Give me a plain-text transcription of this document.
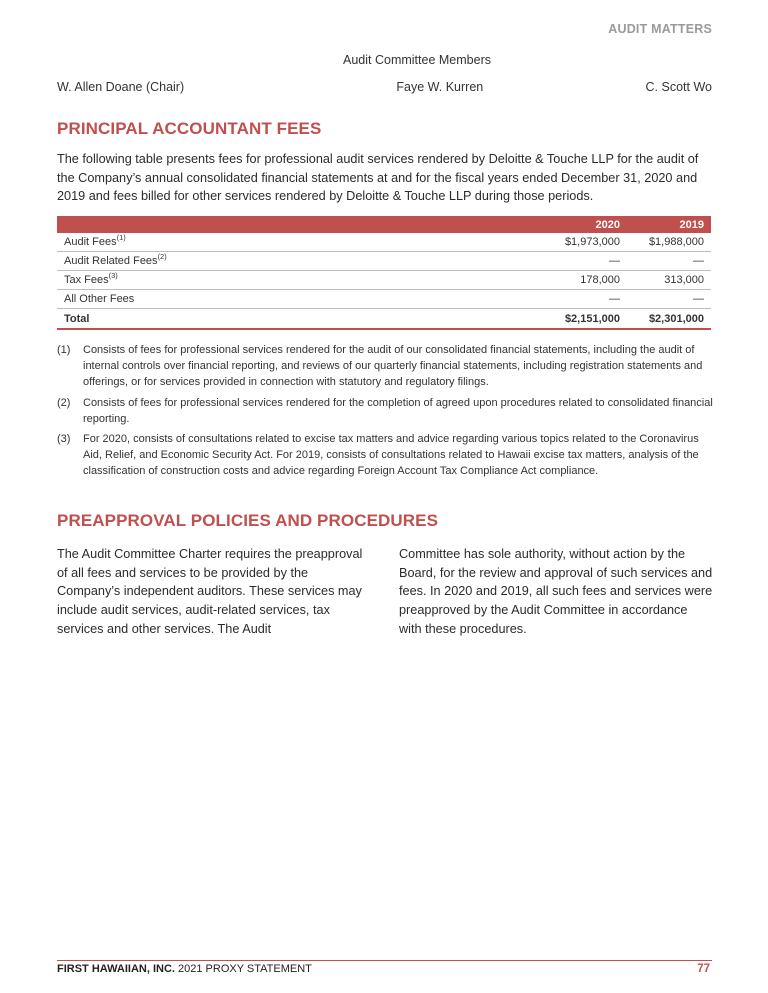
AUDIT MATTERS
Audit Committee Members
W. Allen Doane (Chair)	Faye W. Kurren	C. Scott Wo
PRINCIPAL ACCOUNTANT FEES

The following table presents fees for professional audit services rendered by Deloitte & Touche LLP for the audit of the Company’s annual consolidated financial statements at and for the fiscal years ended December 31, 2020 and 2019 and fees billed for other services rendered by Deloitte & Touche LLP during those periods.

	2020	2019
Audit Fees$^{(1)}$	$1,973,000	$1,988,000
Audit Related Fees$^{(2)}$	—	—
Tax Fees$^{(3)}$	178,000	313,000
All Other Fees	—	—
Total	$2,151,000	$2,301,000
(1)	Consists of fees for professional services rendered for the audit of our consolidated financial statements, including the audit of internal controls over financial reporting, and reviews of our quarterly financial statements, including registration statements and offerings, or for services provided in connection with statutory and regulatory filings.
(2)	Consists of fees for professional services rendered for the completion of agreed upon procedures related to consolidated financial reporting.
(3)	For 2020, consists of consultations related to excise tax matters and advice regarding various topics related to the Coronavirus Aid, Relief, and Economic Security Act. For 2019, consists of consultations related to Hawaii excise tax matters, analysis of the classification of construction costs and advice regarding Foreign Account Tax Compliance Act compliance.
PREAPPROVAL POLICIES AND PROCEDURES
The Audit Committee Charter requires the preapproval of all fees and services to be provided by the Company’s independent auditors. These services may include audit services, audit-related services, tax services and other services. The Audit
Committee has sole authority, without action by the Board, for the review and approval of such services and fees. In 2020 and 2019, all such fees and services were preapproved by the Audit Committee in accordance with these procedures.
FIRST HAWAIIAN, INC. 2021 PROXY STATEMENT	77
